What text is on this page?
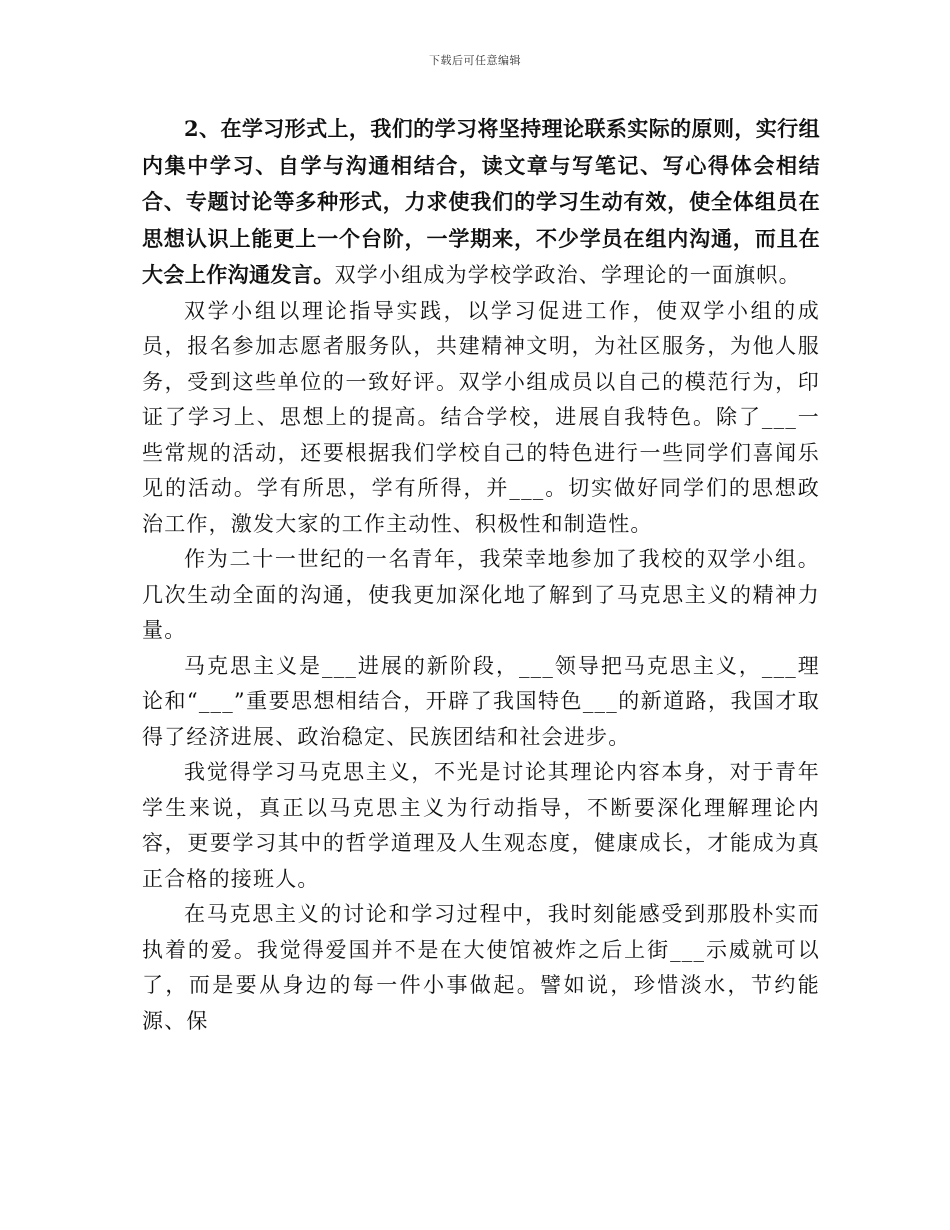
下载后可任意编辑

2、在学习形式上，我们的学习将坚持理论联系实际的原则，实行组内集中学习、自学与沟通相结合，读文章与写笔记、写心得体会相结合、专题讨论等多种形式，力求使我们的学习生动有效，使全体组员在思想认识上能更上一个台阶，一学期来，不少学员在组内沟通，而且在大会上作沟通发言。双学小组成为学校学政治、学理论的一面旗帜。

双学小组以理论指导实践，以学习促进工作，使双学小组的成员，报名参加志愿者服务队，共建精神文明，为社区服务，为他人服务，受到这些单位的一致好评。双学小组成员以自己的模范行为，印证了学习上、思想上的提高。结合学校，进展自我特色。除了___一些常规的活动，还要根据我们学校自己的特色进行一些同学们喜闻乐见的活动。学有所思，学有所得，并___。切实做好同学们的思想政治工作，激发大家的工作主动性、积极性和制造性。

作为二十一世纪的一名青年，我荣幸地参加了我校的双学小组。几次生动全面的沟通，使我更加深化地了解到了马克思主义的精神力量。

马克思主义是___进展的新阶段，___领导把马克思主义，___理论和“___”重要思想相结合，开辟了我国特色___的新道路，我国才取得了经济进展、政治稳定、民族团结和社会进步。

我觉得学习马克思主义，不光是讨论其理论内容本身，对于青年学生来说，真正以马克思主义为行动指导，不断要深化理解理论内容，更要学习其中的哲学道理及人生观态度，健康成长，才能成为真正合格的接班人。

在马克思主义的讨论和学习过程中，我时刻能感受到那股朴实而执着的爱。我觉得爱国并不是在大使馆被炸之后上街___示威就可以了，而是要从身边的每一件小事做起。譬如说，珍惜淡水，节约能源、保
